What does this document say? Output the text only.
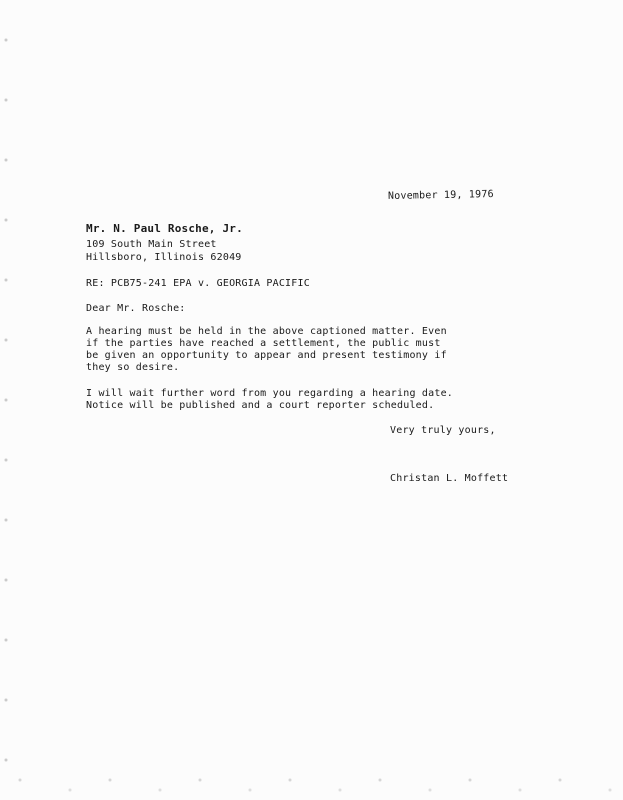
November 19, 1976
Mr. N. Paul Rosche, Jr.
109 South Main Street
Hillsboro, Illinois 62049
RE: PCB75-241 EPA v. GEORGIA PACIFIC
Dear Mr. Rosche:
A hearing must be held in the above captioned matter. Even
if the parties have reached a settlement, the public must
be given an opportunity to appear and present testimony if
they so desire.
I will wait further word from you regarding a hearing date.
Notice will be published and a court reporter scheduled.
Very truly yours,
Christan L. Moffett
